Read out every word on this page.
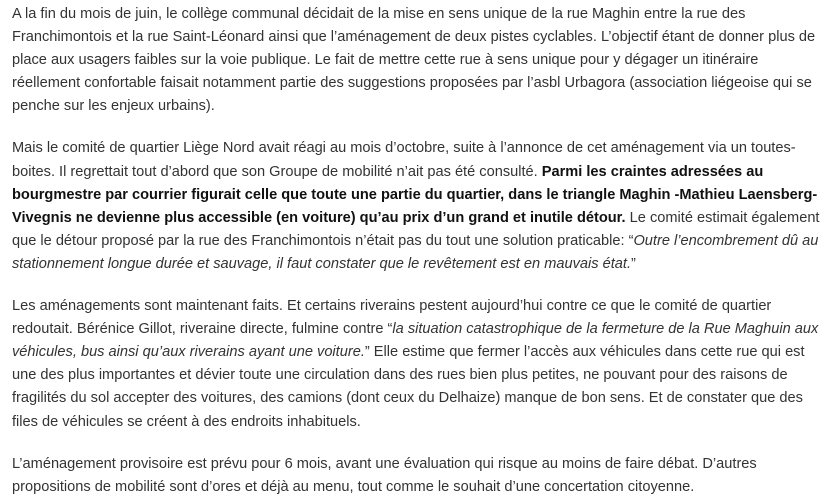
A la fin du mois de juin, le collège communal décidait de la mise en sens unique de la rue Maghin entre la rue des Franchimontois et la rue Saint-Léonard ainsi que l’aménagement de deux pistes cyclables. L’objectif étant de donner plus de place aux usagers faibles sur la voie publique. Le fait de mettre cette rue à sens unique pour y dégager un itinéraire réellement confortable faisait notamment partie des suggestions proposées par l’asbl Urbagora (association liégeoise qui se penche sur les enjeux urbains).

Mais le comité de quartier Liège Nord avait réagi au mois d’octobre, suite à l’annonce de cet aménagement via un toutes-boites. Il regrettait tout d’abord que son Groupe de mobilité n’ait pas été consulté. Parmi les craintes adressées au bourgmestre par courrier figurait celle que toute une partie du quartier, dans le triangle Maghin -Mathieu Laensberg- Vivegnis ne devienne plus accessible (en voiture) qu’au prix d’un grand et inutile détour. Le comité estimait également que le détour proposé par la rue des Franchimontois n’était pas du tout une solution praticable: “Outre l’encombrement dû au stationnement longue durée et sauvage, il faut constater que le revêtement est en mauvais état.”

Les aménagements sont maintenant faits. Et certains riverains pestent aujourd’hui contre ce que le comité de quartier redoutait. Bérénice Gillot, riveraine directe, fulmine contre “la situation catastrophique de la fermeture de la Rue Maghuin aux véhicules, bus ainsi qu’aux riverains ayant une voiture.” Elle estime que fermer l’accès aux véhicules dans cette rue qui est une des plus importantes et dévier toute une circulation dans des rues bien plus petites, ne pouvant pour des raisons de fragilités du sol accepter des voitures, des camions (dont ceux du Delhaize) manque de bon sens. Et de constater que des files de véhicules se créent à des endroits inhabituels.

L’aménagement provisoire est prévu pour 6 mois, avant une évaluation qui risque au moins de faire débat. D’autres propositions de mobilité sont d’ores et déjà au menu, tout comme le souhait d’une concertation citoyenne.
